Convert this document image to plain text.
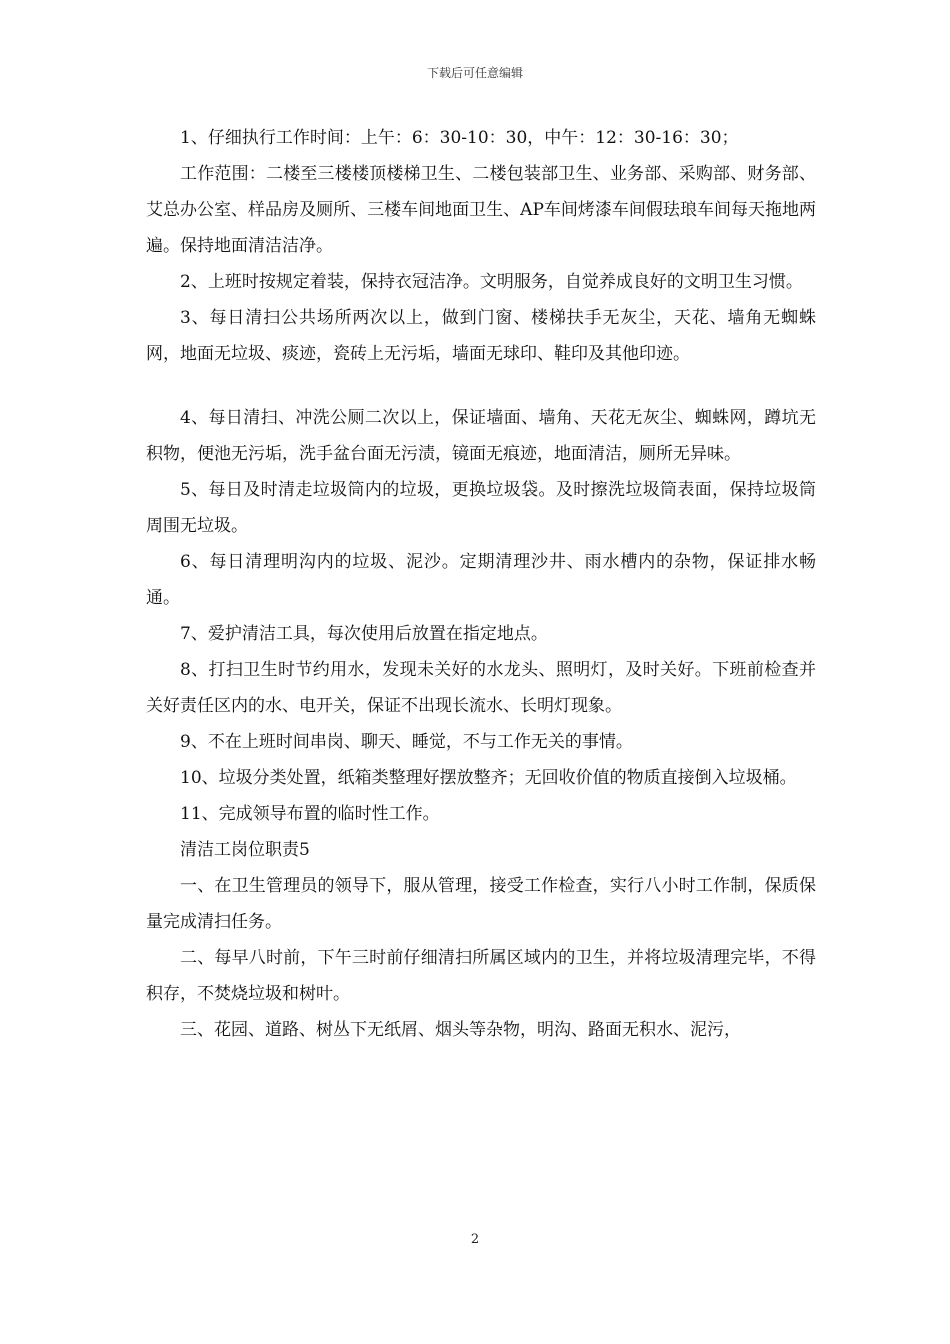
下载后可任意编辑

1、仔细执行工作时间：上午：6：30-10：30，中午：12：30-16：30；

工作范围：二楼至三楼楼顶楼梯卫生、二楼包装部卫生、业务部、采购部、财务部、艾总办公室、样品房及厕所、三楼车间地面卫生、AP车间烤漆车间假珐琅车间每天拖地两遍。保持地面清洁洁净。

2、上班时按规定着装，保持衣冠洁净。文明服务，自觉养成良好的文明卫生习惯。

3、每日清扫公共场所两次以上，做到门窗、楼梯扶手无灰尘，天花、墙角无蜘蛛网，地面无垃圾、痰迹，瓷砖上无污垢，墙面无球印、鞋印及其他印迹。

4、每日清扫、冲洗公厕二次以上，保证墙面、墙角、天花无灰尘、蜘蛛网，蹲坑无积物，便池无污垢，洗手盆台面无污渍，镜面无痕迹，地面清洁，厕所无异味。

5、每日及时清走垃圾筒内的垃圾，更换垃圾袋。及时擦洗垃圾筒表面，保持垃圾筒周围无垃圾。

6、每日清理明沟内的垃圾、泥沙。定期清理沙井、雨水槽内的杂物，保证排水畅通。

7、爱护清洁工具，每次使用后放置在指定地点。

8、打扫卫生时节约用水，发现未关好的水龙头、照明灯，及时关好。下班前检查并关好责任区内的水、电开关，保证不出现长流水、长明灯现象。

9、不在上班时间串岗、聊天、睡觉，不与工作无关的事情。

10、垃圾分类处置，纸箱类整理好摆放整齐；无回收价值的物质直接倒入垃圾桶。

11、完成领导布置的临时性工作。

清洁工岗位职责5

一、在卫生管理员的领导下，服从管理，接受工作检查，实行八小时工作制，保质保量完成清扫任务。

二、每早八时前，下午三时前仔细清扫所属区域内的卫生，并将垃圾清理完毕，不得积存，不焚烧垃圾和树叶。

三、花园、道路、树丛下无纸屑、烟头等杂物，明沟、路面无积水、泥污，

2
